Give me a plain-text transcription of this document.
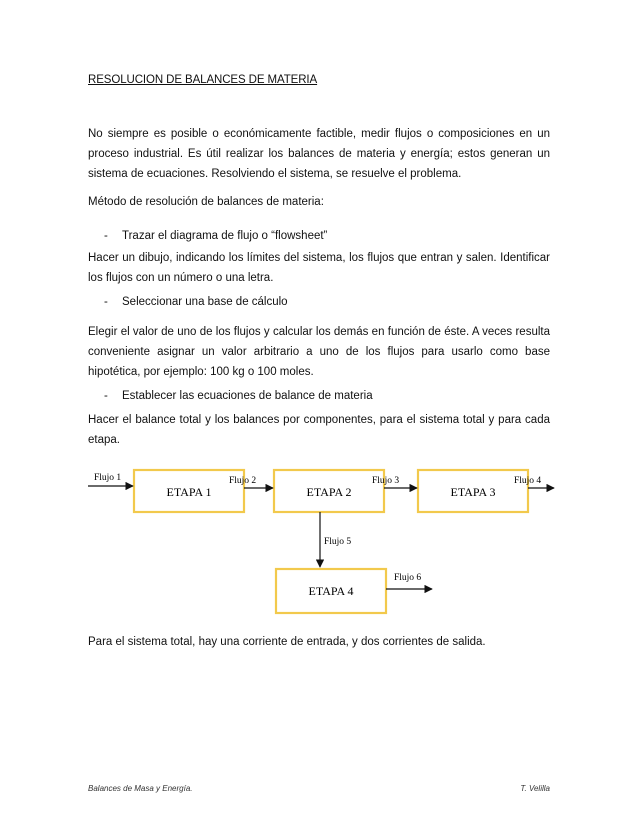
RESOLUCION DE BALANCES DE MATERIA

No siempre es posible o económicamente factible, medir flujos o composiciones en un proceso industrial. Es útil realizar los balances de materia y energía; estos generan un sistema de ecuaciones. Resolviendo el sistema, se resuelve el problema.

Método de resolución de balances de materia:

- Trazar el diagrama de flujo o “flowsheet”

Hacer un dibujo, indicando los límites del sistema, los flujos que entran y salen. Identificar los flujos con un número o una letra.

- Seleccionar una base de cálculo

Elegir el valor de uno de los flujos y calcular los demás en función de éste. A veces resulta conveniente asignar un valor arbitrario a uno de los flujos para usarlo como base hipotética, por ejemplo: 100 kg o 100 moles.

- Establecer las ecuaciones de balance de materia

Hacer el balance total y los balances por componentes, para el sistema total y para cada etapa.

ETAPA 1	ETAPA 2	ETAPA 3
ETAPA 4
Flujo 1	Flujo 2	Flujo 3	Flujo 4
Flujo 5
Flujo 6

Para el sistema total, hay una corriente de entrada, y dos corrientes de salida.

Balances de Masa y Energía.	T. Velilla
